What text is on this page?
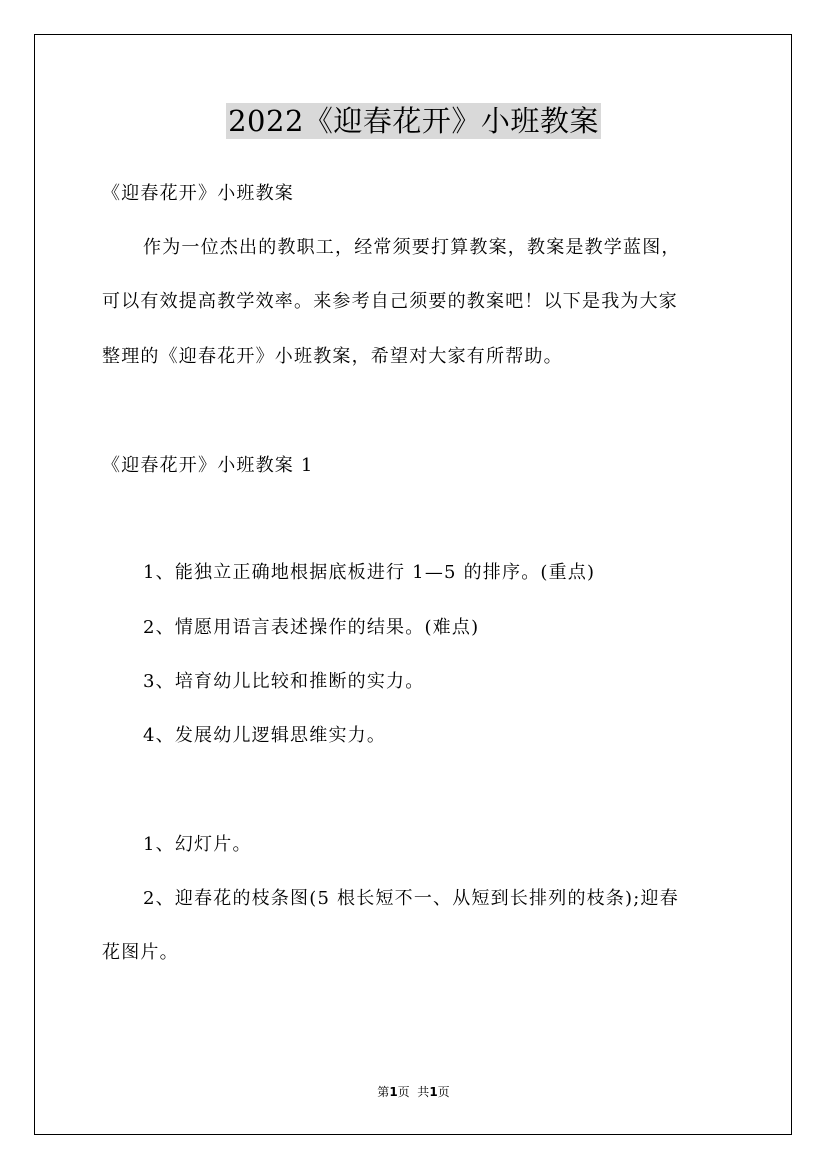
2022《迎春花开》小班教案
《迎春花开》小班教案
作为一位杰出的教职工，经常须要打算教案，教案是教学蓝图，
可以有效提高教学效率。来参考自己须要的教案吧！以下是我为大家
整理的《迎春花开》小班教案，希望对大家有所帮助。
《迎春花开》小班教案 1
1、能独立正确地根据底板进行 1—5 的排序。(重点)
2、情愿用语言表述操作的结果。(难点)
3、培育幼儿比较和推断的实力。
4、发展幼儿逻辑思维实力。
1、幻灯片。
2、迎春花的枝条图(5 根长短不一、从短到长排列的枝条);迎春
花图片。
第1页  共1页
